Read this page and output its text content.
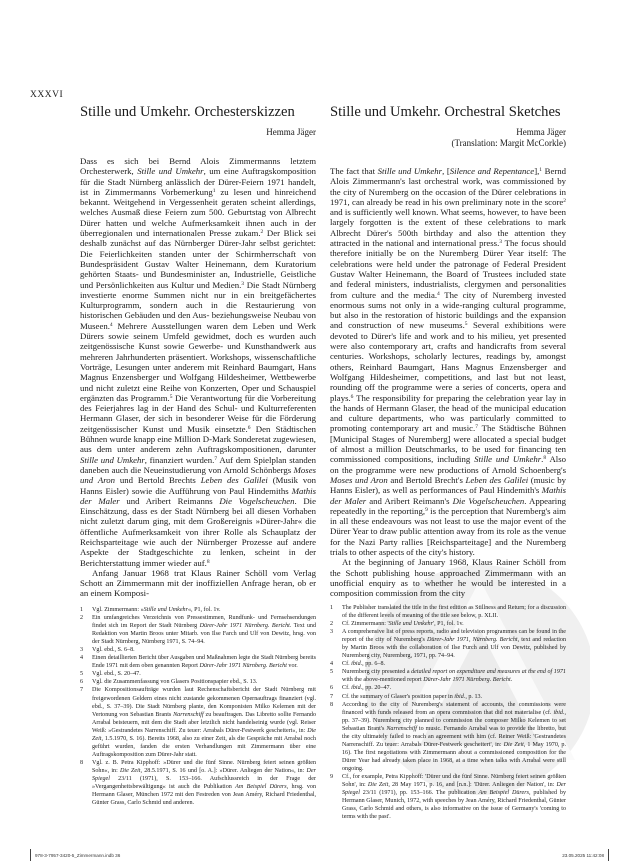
XXXVI
Stille und Umkehr. Orchesterskizzen
Hemma Jäger

Dass es sich bei Bernd Alois Zimmermanns letztem Orchesterwerk, Stille und Umkehr, um eine Auftragskomposition für die Stadt Nürnberg anlässlich der Dürer-Feiern 1971 handelt, ist in Zimmermanns Vorbemerkung$^1$ zu lesen und hinreichend bekannt. Weitgehend in Vergessenheit geraten scheint allerdings, welches Ausmaß diese Feiern zum 500. Geburtstag von Albrecht Dürer hatten und welche Aufmerksamkeit ihnen auch in der überregionalen und internationalen Presse zukam.$^2$ Der Blick sei deshalb zunächst auf das Nürnberger Dürer-Jahr selbst gerichtet: Die Feierlichkeiten standen unter der Schirmherrschaft von Bundespräsident Gustav Walter Heinemann, dem Kuratorium gehörten Staats- und Bundesminister an, Industrielle, Geistliche und Persönlichkeiten aus Kultur und Medien.$^3$ Die Stadt Nürnberg investierte enorme Summen nicht nur in ein breitgefächertes Kulturprogramm, sondern auch in die Restaurierung von historischen Gebäuden und den Aus- beziehungsweise Neubau von Museen.$^4$ Mehrere Ausstellungen waren dem Leben und Werk Dürers sowie seinem Umfeld gewidmet, doch es wurden auch zeitgenössische Kunst sowie Gewerbe- und Kunsthandwerk aus mehreren Jahrhunderten präsentiert. Workshops, wissenschaftliche Vorträge, Lesungen unter anderem mit Reinhard Baumgart, Hans Magnus Enzensberger und Wolfgang Hildesheimer, Wettbewerbe und nicht zuletzt eine Reihe von Konzerten, Oper und Schauspiel ergänzten das Programm.$^5$ Die Verantwortung für die Vorbereitung des Feierjahres lag in der Hand des Schul- und Kulturreferenten Hermann Glaser, der sich in besonderer Weise für die Förderung zeitgenössischer Kunst und Musik einsetzte.$^6$ Den Städtischen Bühnen wurde knapp eine Million D-Mark Sonderetat zugewiesen, aus dem unter anderem zehn Auftragskompositionen, darunter Stille und Umkehr, finanziert wurden.$^7$ Auf dem Spielplan standen daneben auch die Neueinstudierung von Arnold Schönbergs Moses und Aron und Bertold Brechts Leben des Galilei (Musik von Hanns Eisler) sowie die Aufführung von Paul Hindemiths Mathis der Maler und Aribert Reimanns Die Vogelscheuchen. Die Einschätzung, dass es der Stadt Nürnberg bei all diesen Vorhaben nicht zuletzt darum ging, mit dem Großereignis »Dürer-Jahr« die öffentliche Aufmerksamkeit von ihrer Rolle als Schauplatz der Reichsparteitage wie auch der Nürnberger Prozesse auf andere Aspekte der Stadtgeschichte zu lenken, scheint in der Berichterstattung immer wieder auf.$^8$

Anfang Januar 1968 trat Klaus Rainer Schöll vom Verlag Schott an Zimmermann mit der inoffiziellen Anfrage heran, ob er an einem Komposi-

1	Vgl. Zimmermann: »Stille und Umkehr«, P1, fol. 1v.
2	Ein umfangreiches Verzeichnis von Pressestimmen, Rundfunk- und Fernsehsendungen findet sich im Report der Stadt Nürnberg Dürer-Jahr 1971 Nürnberg. Bericht. Text und Redaktion von Martin Broos unter Mitarb. von Ilse Farch und Ulf von Dewitz, hrsg. von der Stadt Nürnberg, Nürnberg 1971, S. 74–94.
3	Vgl. ebd., S. 6–8.
4	Einen detaillierten Bericht über Ausgaben und Maßnahmen legte die Stadt Nürnberg bereits Ende 1971 mit dem oben genannten Report Dürer-Jahr 1971 Nürnberg. Bericht vor.
5	Vgl. ebd., S. 20–47.
6	Vgl. die Zusammenfassung von Glasers Positionspapier ebd., S. 13.
7	Die Kompositionsaufträge wurden laut Rechenschaftsbericht der Stadt Nürnberg mit freigewordenen Geldern eines nicht zustande gekommenen Opernauftrags finanziert (vgl. ebd., S. 37–39). Die Stadt Nürnberg plante, den Komponisten Milko Kelemen mit der Vertonung von Sebastian Brants Narrenschiff zu beauftragen. Das Libretto sollte Fernando Arrabal beisteuern, mit dem die Stadt aber letztlich nicht handelseinig wurde (vgl. Reiser Weiß: »Gestrandetes Narrenschiff. Zu teuer: Arrabals Dürer-Festwerk gescheitert«, in: Die Zeit, 1.5.1970, S. 16). Bereits 1968, also zu einer Zeit, als die Gespräche mit Arrabal noch geführt wurden, fanden die ersten Verhandlungen mit Zimmermann über eine Auftragskomposition zum Dürer-Jahr statt.
8	Vgl. z. B. Petra Kipphoff: »Dürer und die fünf Sinne. Nürnberg feiert seinen größten Sohn«, in: Die Zeit, 28.5.1971, S. 16 und [o. A.]: »Dürer. Anliegen der Nation«, in: Der Spiegel 23/11 (1971), S. 153–166. Aufschlussreich in der Frage der »Vergangenheitsbewältigung« ist auch die Publikation Am Beispiel Dürers, hrsg. von Hermann Glaser, München 1972 mit den Festreden von Jean Améry, Richard Friedenthal, Günter Grass, Carlo Schmid und anderen.
Stille und Umkehr. Orchestral Sketches
Hemma Jäger
(Translation: Margit McCorkle)

The fact that Stille und Umkehr, [Silence and Repentance],$^1$ Bernd Alois Zimmermann's last orchestral work, was commissioned by the city of Nuremberg on the occasion of the Dürer celebrations in 1971, can already be read in his own preliminary note in the score$^2$ and is sufficiently well known. What seems, however, to have been largely forgotten is the extent of these celebrations to mark Albrecht Dürer's 500th birthday and also the attention they attracted in the national and international press.$^3$ The focus should therefore initially be on the Nuremberg Dürer Year itself: The celebrations were held under the patronage of Federal President Gustav Walter Heinemann, the Board of Trustees included state and federal ministers, industrialists, clergymen and personalities from culture and the media.$^4$ The city of Nuremberg invested enormous sums not only in a wide-ranging cultural programme, but also in the restoration of historic buildings and the expansion and construction of new museums.$^5$ Several exhibitions were devoted to Dürer's life and work and to his milieu, yet presented were also contemporary art, crafts and handicrafts from several centuries. Workshops, scholarly lectures, readings by, amongst others, Reinhard Baumgart, Hans Magnus Enzensberger and Wolfgang Hildesheimer, competitions, and last but not least, rounding off the programme were a series of concerts, opera and plays.$^6$ The responsibility for preparing the celebration year lay in the hands of Hermann Glaser, the head of the municipal education and culture departments, who was particularly committed to promoting contemporary art and music.$^7$ The Städtische Bühnen [Municipal Stages of Nuremberg] were allocated a special budget of almost a million Deutschmarks, to be used for financing ten commissioned compositions, including Stille und Umkehr.$^8$ Also on the programme were new productions of Arnold Schoenberg's Moses und Aron and Bertold Brecht's Leben des Galilei (music by Hanns Eisler), as well as performances of Paul Hindemith's Mathis der Maler and Aribert Reimann's Die Vogelscheuchen. Appearing repeatedly in the reporting,$^9$ is the perception that Nuremberg's aim in all these endeavours was not least to use the major event of the Dürer Year to draw public attention away from its role as the venue for the Nazi Party rallies [Reichsparteitage] and the Nuremberg trials to other aspects of the city's history.

At the beginning of January 1968, Klaus Rainer Schöll from the Schott publishing house approached Zimmermann with an unofficial enquiry as to whether he would be interested in a composition commission from the city

1	The Publisher translated the title in the first edition as Stillness and Return; for a discussion of the different levels of meaning of the title see below, p. XLII.
2	Cf. Zimmermann: 'Stille und Umkehr', P1, fol. 1v.
3	A comprehensive list of press reports, radio and television programmes can be found in the report of the city of Nuremberg's Dürer-Jahr 1971, Nürnberg. Bericht, text and redaction by Martin Broos with the collaboration of Ilse Furch and Ulf von Dewitz, published by Nuremberg city, Nuremberg, 1971, pp. 74–94.
4	Cf. ibid., pp. 6–8.
5	Nuremberg city presented a detailed report on expenditure and measures at the end of 1971 with the above-mentioned report Dürer-Jahr 1971 Nürnberg. Bericht.
6	Cf. ibid., pp. 20–47.
7	Cf. the summary of Glaser's position paper in ibid., p. 13.
8	According to the city of Nuremberg's statement of accounts, the commissions were financed with funds released from an opera commission that did not materialise (cf. ibid., pp. 37–39). Nuremberg city planned to commission the composer Milko Kelemen to set Sebastian Brant's Narrenschiff to music. Fernando Arrabal was to provide the libretto, but the city ultimately failed to reach an agreement with him (cf. Reiner Weiß: 'Gestrandetes Narrenschiff. Zu teuer: Arrabals Dürer-Festwerk gescheitert', in: Die Zeit, 1 May 1970, p. 16). The first negotiations with Zimmermann about a commissioned composition for the Dürer Year had already taken place in 1968, at a time when talks with Arrabal were still ongoing.
9	Cf., for example, Petra Kipphoff: 'Dürer und die fünf Sinne. Nürnberg feiert seinen größten Sohn', in: Die Zeit, 28 May 1971, p. 16, and [n.n.]: 'Dürer. Anliegen der Nation', in: Der Spiegel 23/11 (1971), pp. 153–166. The publication Am Beispiel Dürers, published by Hermann Glaser, Munich, 1972, with speeches by Jean Améry, Richard Friedenthal, Günter Grass, Carlo Schmid and others, is also informative on the issue of Germany's 'coming to terms with the past'.
978-3-7957-3420-5_Zimmermann.indb 36	23.05.2025 11:42:08
